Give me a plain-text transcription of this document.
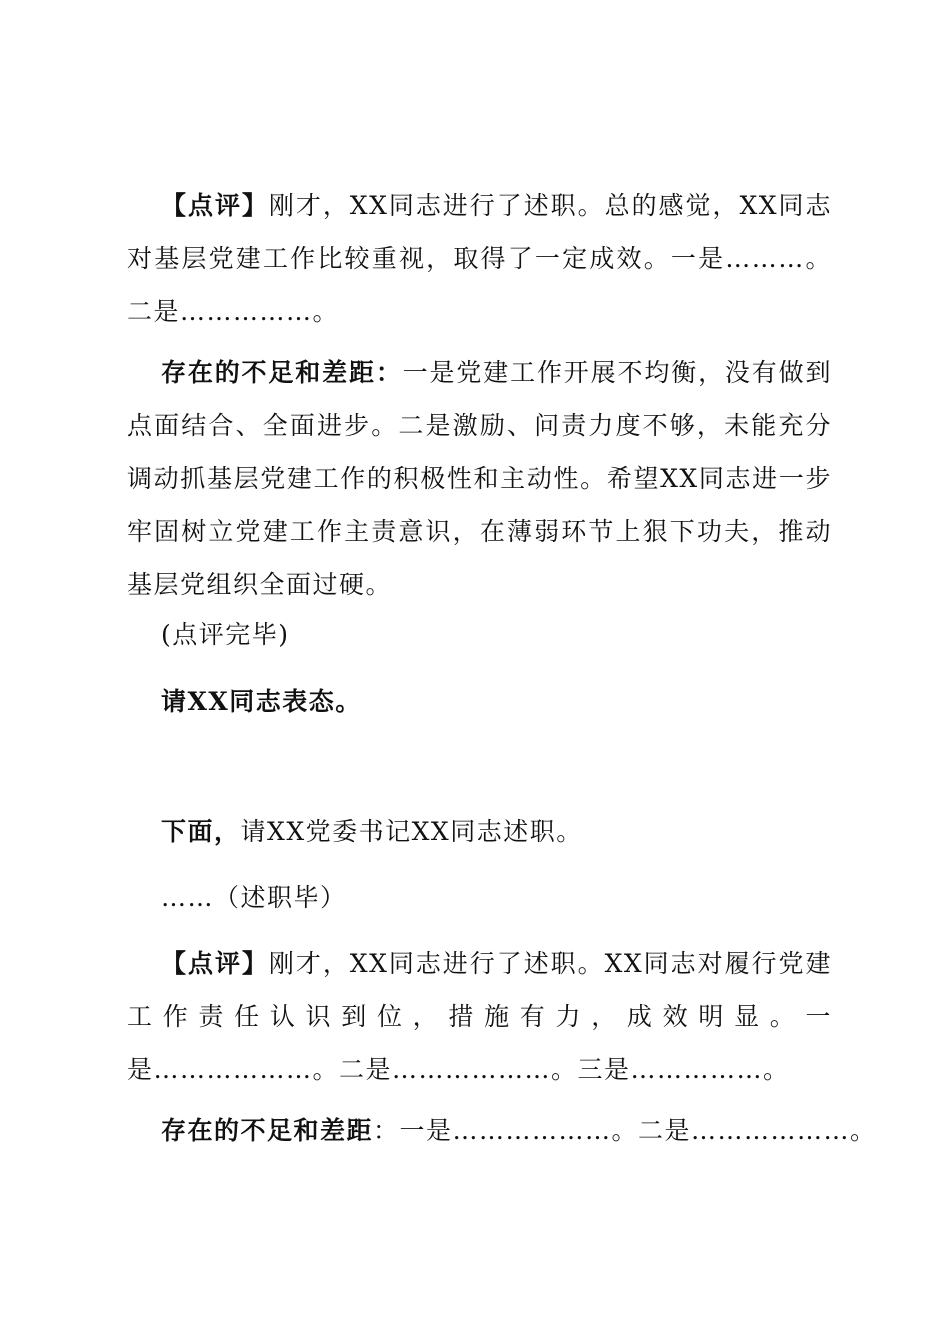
【点评】刚才，XX同志进行了述职。总的感觉，XX同志对基层党建工作比较重视，取得了一定成效。一是………。二是……………。

存在的不足和差距：一是党建工作开展不均衡，没有做到点面结合、全面进步。二是激励、问责力度不够，未能充分调动抓基层党建工作的积极性和主动性。希望XX同志进一步牢固树立党建工作主责意识，在薄弱环节上狠下功夫，推动基层党组织全面过硬。

(点评完毕)

请XX同志表态。

下面，请XX党委书记XX同志述职。

……（述职毕）

【点评】刚才，XX同志进行了述职。XX同志对履行党建工作责任认识到位，措施有力，成效明显。一是………………。二是………………。三是……………。

存在的不足和差距：一是………………。二是………………。
